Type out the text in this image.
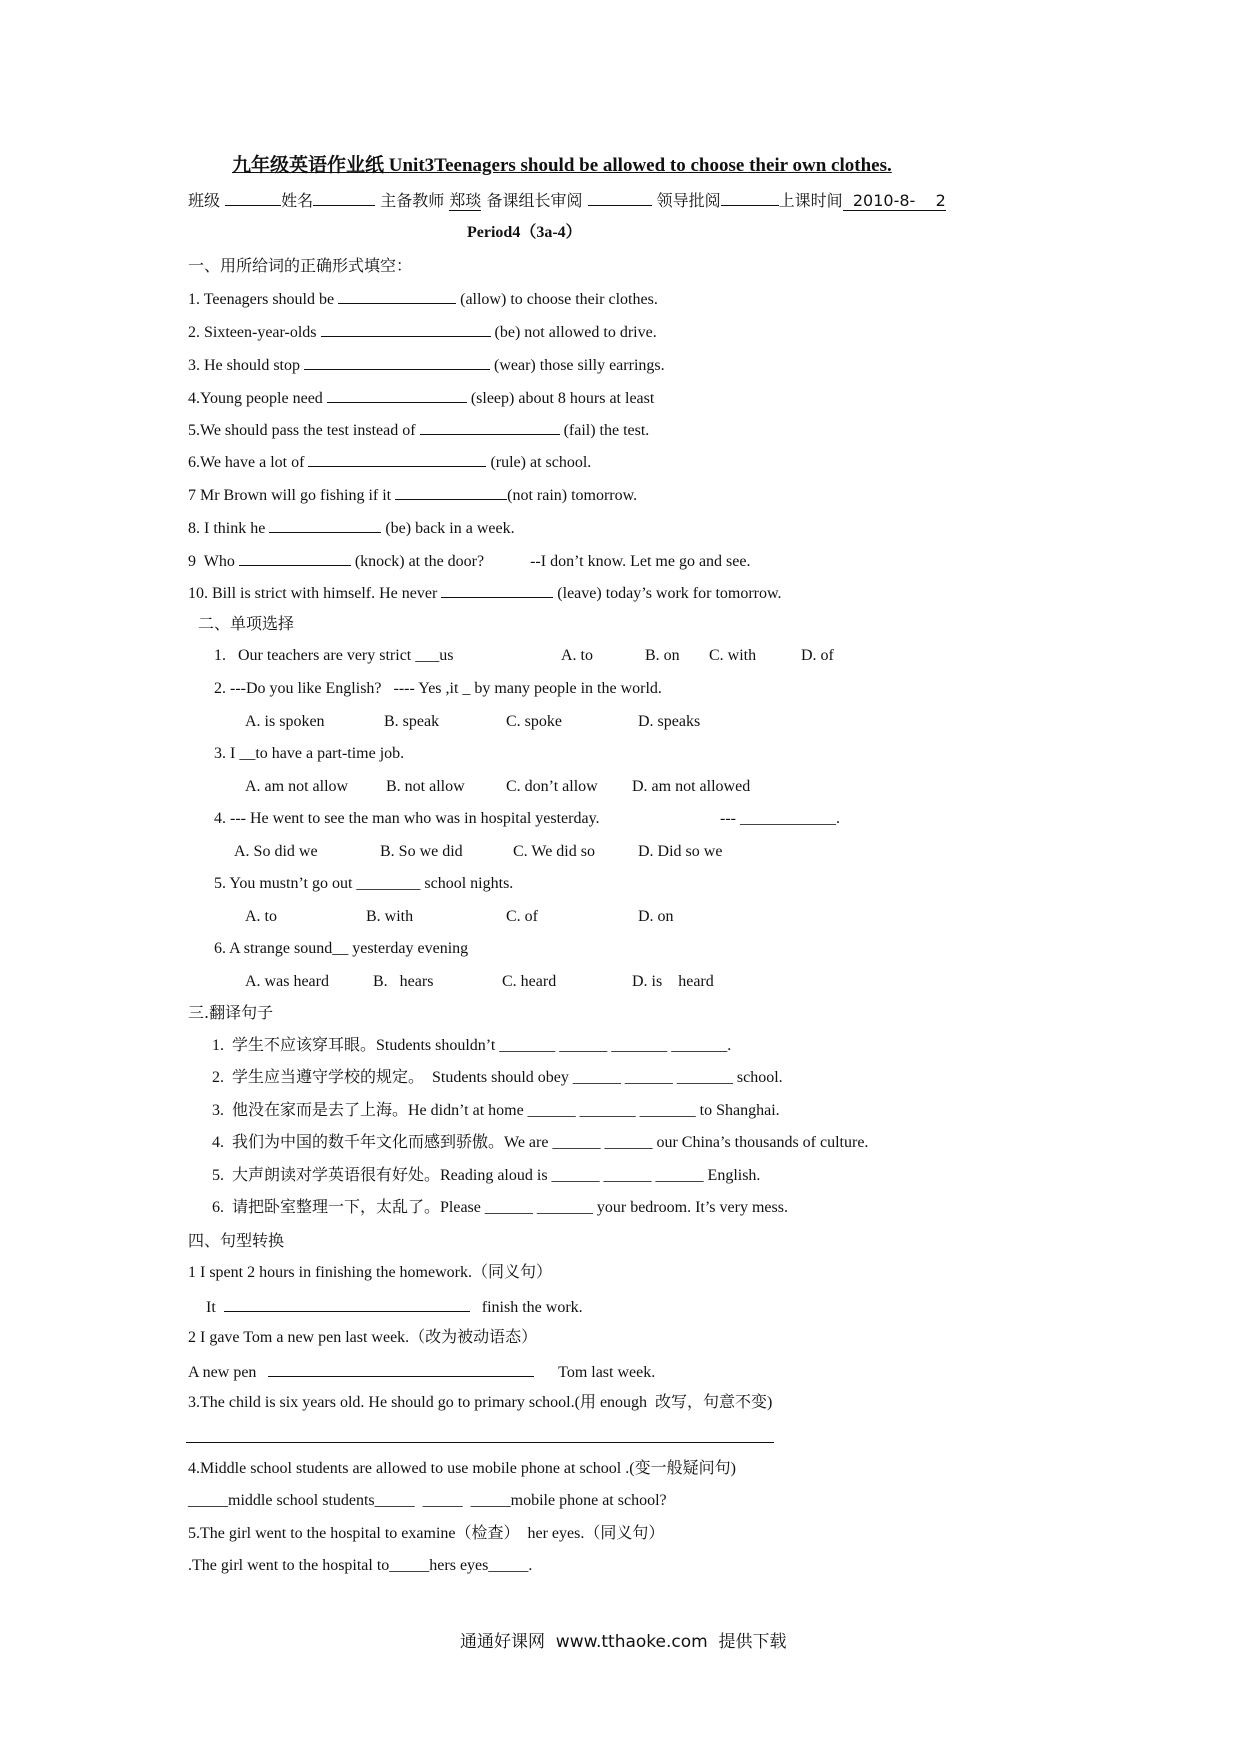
九年级英语作业纸 Unit3Teenagers should be allowed to choose their own clothes.
班级	姓名	主备教师 郑琰 备课组长审阅	领导批阅	上课时间 2010-8- 2
Period4（3a-4）
一、用所给词的正确形式填空：
1. Teenagers should be	(allow) to choose their clothes.
2. Sixteen-year-olds	(be) not allowed to drive.
3. He should stop	(wear) those silly earrings.
4.Young people need	(sleep) about 8 hours at least
5.We should pass the test instead of	(fail) the test.
6.We have a lot of	(rule) at school.
7 Mr Brown will go fishing if it	(not rain) tomorrow.
8. I think he	(be) back in a week.
9  Who	(knock) at the door?	--I don’t know. Let me go and see.
10. Bill is strict with himself. He never	(leave) today’s work for tomorrow.
二、单项选择
1.   Our teachers are very strict ___us	A. to	B. on C. with	D. of
2. ---Do you like English?   ---- Yes ,it _ by many people in the world.
A. is spoken	B. speak	C. spoke	D. speaks
3. I __to have a part-time job.
A. am not allow B. not allow	C. don’t allow D. am not allowed
4. --- He went to see the man who was in hospital yesterday.	--- ____________.
A. So did we	B. So we did	C. We did so	D. Did so we
5. You mustn’t go out ________ school nights.
A. to	B. with	C. of	D. on
6. A strange sound__ yesterday evening
A. was heard	B.   hears	C. heard	D. is    heard
三.翻译句子
1.  学生不应该穿耳眼。Students shouldn’t _______ ______ _______ _______.
2.  学生应当遵守学校的规定。  Students should obey ______ ______ _______ school.
3.  他没在家而是去了上海。He didn’t at home ______ _______ _______ to Shanghai.
4.  我们为中国的数千年文化而感到骄傲。We are ______ ______ our China’s thousands of culture.
5.  大声朗读对学英语很有好处。Reading aloud is ______ ______ ______ English.
6.  请把卧室整理一下，太乱了。Please ______ _______ your bedroom. It’s very mess.
四、句型转换
1 I spent 2 hours in finishing the homework.（同义句）
It	finish the work.
2 I gave Tom a new pen last week.（改为被动语态）
A new pen	Tom last week.
3.The child is six years old. He should go to primary school.(用 enough  改写，句意不变)
4.Middle school students are allowed to use mobile phone at school .(变一般疑问句)
_____middle school students_____  _____  _____mobile phone at school?
5.The girl went to the hospital to examine（检查）  her eyes.（同义句）
.The girl went to the hospital to_____hers eyes_____.
通通好课网  www.tthaoke.com  提供下载
